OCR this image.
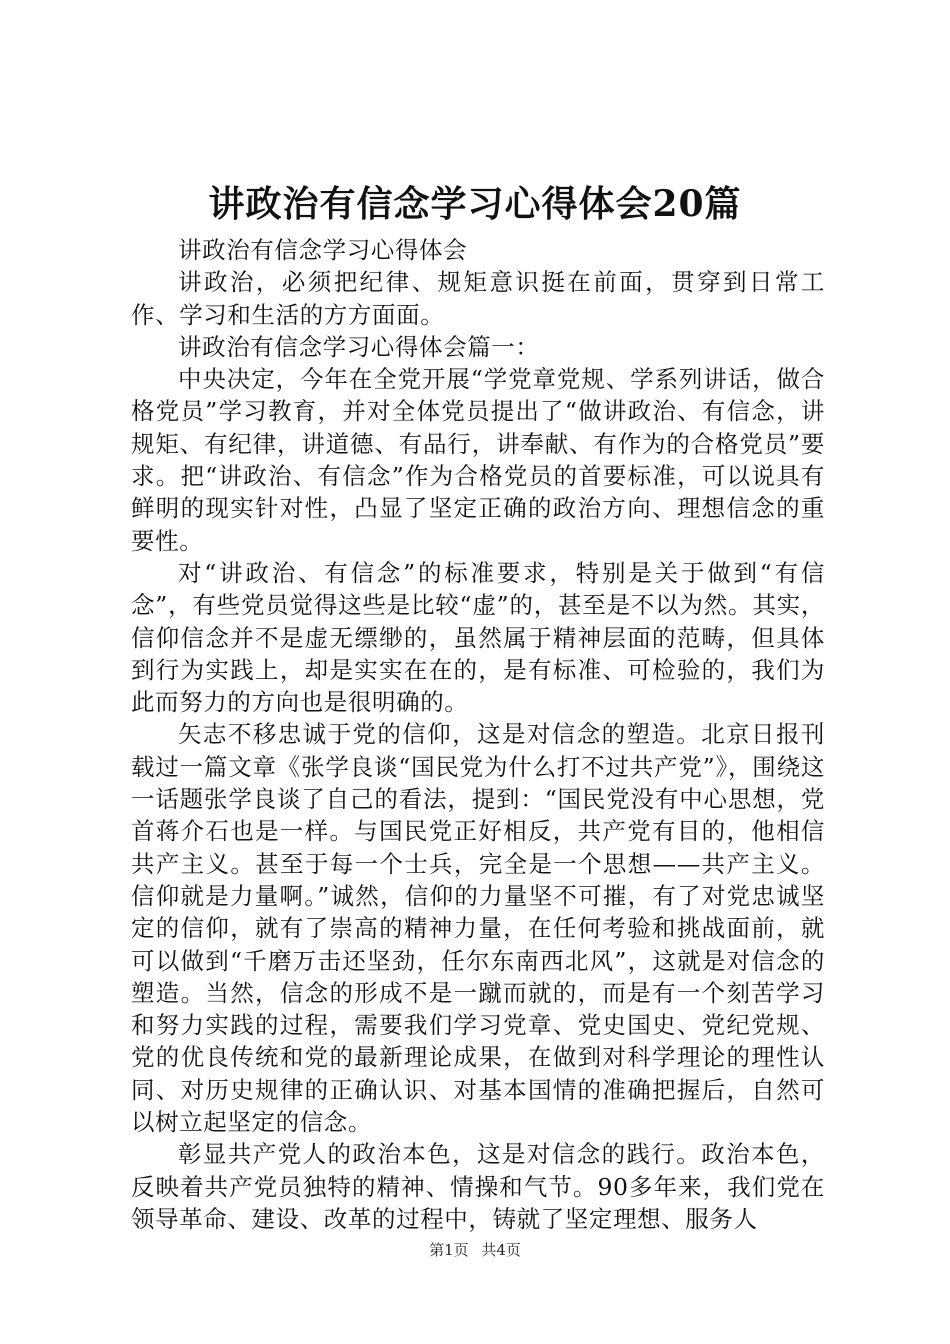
讲政治有信念学习心得体会20篇

讲政治有信念学习心得体会

讲政治，必须把纪律、规矩意识挺在前面，贯穿到日常工作、学习和生活的方方面面。

讲政治有信念学习心得体会篇一：

中央决定，今年在全党开展“学党章党规、学系列讲话，做合格党员”学习教育，并对全体党员提出了“做讲政治、有信念，讲规矩、有纪律，讲道德、有品行，讲奉献、有作为的合格党员”要求。把“讲政治、有信念”作为合格党员的首要标准，可以说具有鲜明的现实针对性，凸显了坚定正确的政治方向、理想信念的重要性。

对“讲政治、有信念”的标准要求，特别是关于做到“有信念”，有些党员觉得这些是比较“虚”的，甚至是不以为然。其实，信仰信念并不是虚无缥缈的，虽然属于精神层面的范畴，但具体到行为实践上，却是实实在在的，是有标准、可检验的，我们为此而努力的方向也是很明确的。

矢志不移忠诚于党的信仰，这是对信念的塑造。北京日报刊载过一篇文章《张学良谈“国民党为什么打不过共产党”》，围绕这一话题张学良谈了自己的看法，提到：“国民党没有中心思想，党首蒋介石也是一样。与国民党正好相反，共产党有目的，他相信共产主义。甚至于每一个士兵，完全是一个思想——共产主义。信仰就是力量啊。”诚然，信仰的力量坚不可摧，有了对党忠诚坚定的信仰，就有了崇高的精神力量，在任何考验和挑战面前，就可以做到“千磨万击还坚劲，任尔东南西北风”，这就是对信念的塑造。当然，信念的形成不是一蹴而就的，而是有一个刻苦学习和努力实践的过程，需要我们学习党章、党史国史、党纪党规、党的优良传统和党的最新理论成果，在做到对科学理论的理性认同、对历史规律的正确认识、对基本国情的准确把握后，自然可以树立起坚定的信念。

彰显共产党人的政治本色，这是对信念的践行。政治本色，反映着共产党员独特的精神、情操和气节。90多年来，我们党在领导革命、建设、改革的过程中，铸就了坚定理想、服务人

第1页 共4页
